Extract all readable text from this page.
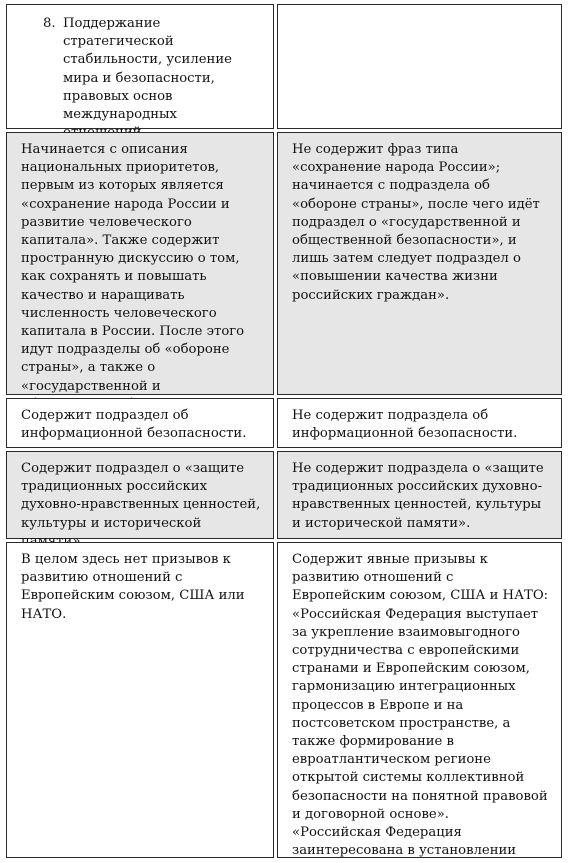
8. Поддержание стратегической стабильности, усиление мира и безопасности, правовых основ международных

Начинается с описания национальных приоритетов, первым из которых является «сохранение народа России и развитие человеческого капитала». Также содержит пространную дискуссию о том, как сохранять и повышать качество и наращивать численность человеческого капитала в России. После этого идут подразделы об «обороне страны», а также о «государственной и

Не содержит фраз типа «сохранение народа России»; начинается с подраздела об «обороне страны», после чего идёт подраздел о «государственной и общественной безопасности», и лишь затем следует подраздел о «повышении качества жизни российских граждан».

Содержит подраздел об информационной безопасности.

Не содержит подраздела об информационной безопасности.

Содержит подраздел о «защите традиционных российских духовно-нравственных ценностей, культуры и исторической

Не содержит подраздела о «защите традиционных российских духовно-нравственных ценностей, культуры и исторической памяти».

В целом здесь нет призывов к развитию отношений с Европейским союзом, США или НАТО.

Содержит явные призывы к развитию отношений с Европейским союзом, США и НАТО:

«Российская Федерация выступает за укрепление взаимовыгодного сотрудничества с европейскими странами и Европейским союзом, гармонизацию интеграционных процессов в Европе и на постсоветском пространстве, а также формирование в евроатлантическом регионе открытой системы коллективной безопасности на понятной правовой и договорной основе».

«Российская Федерация заинтересована в установлении
